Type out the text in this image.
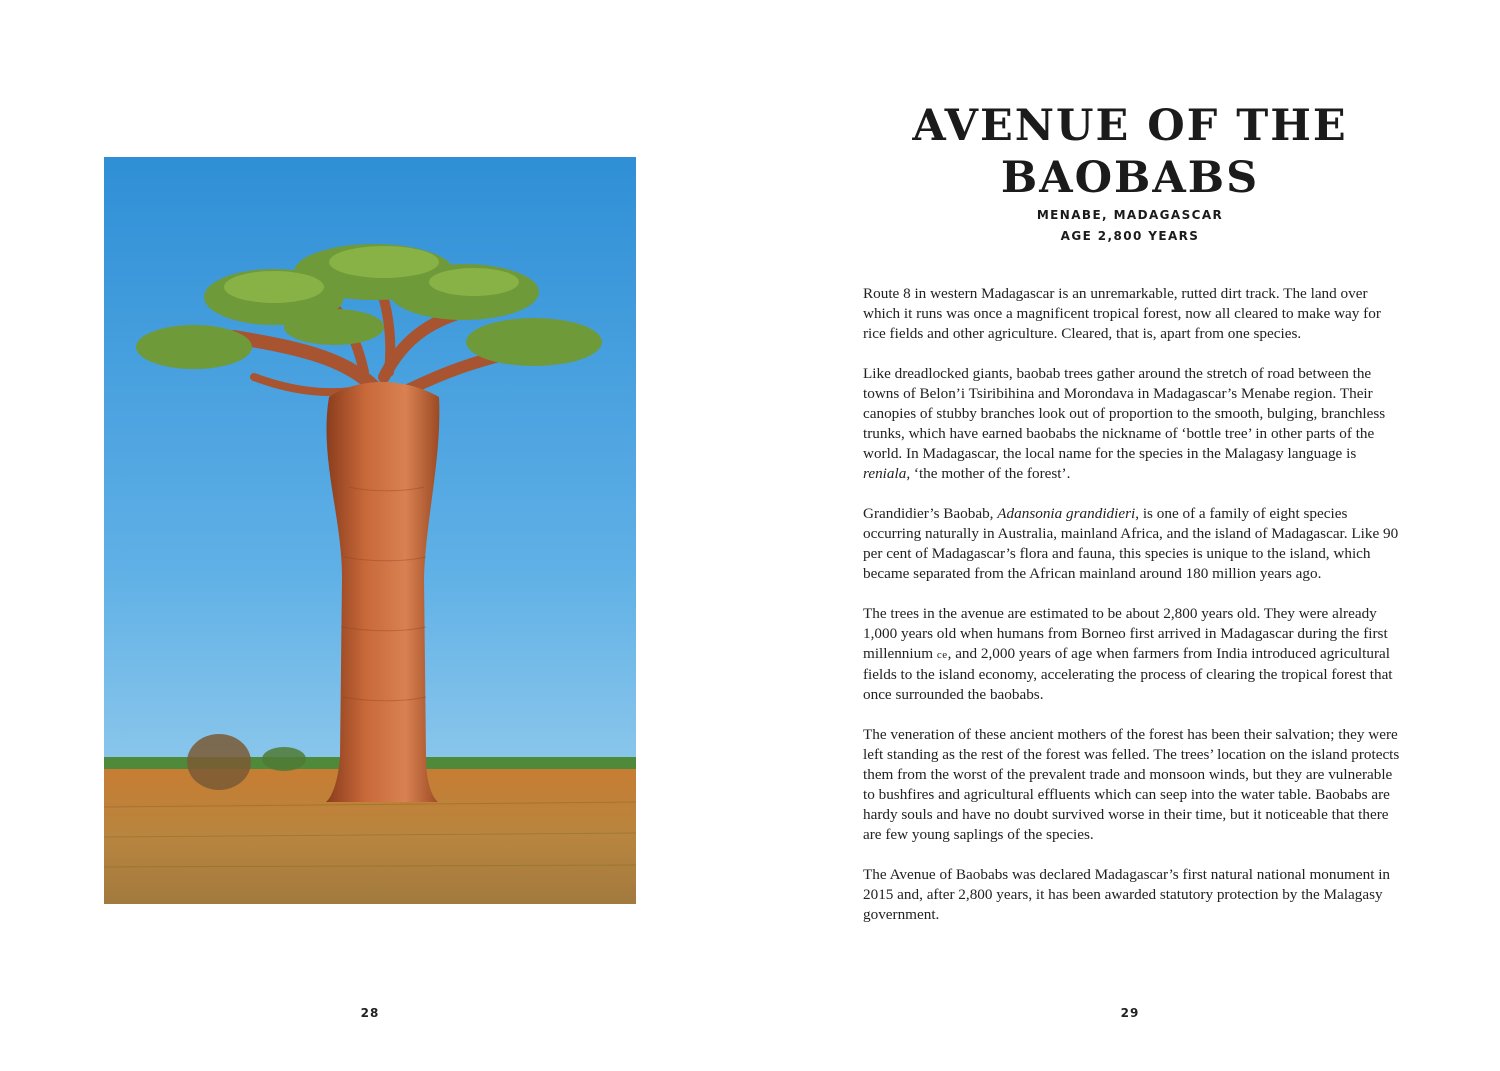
28
AVENUE OF THE
BAOBABS
MENABE, MADAGASCAR
AGE 2,800 YEARS

Route 8 in western Madagascar is an unremarkable, rutted dirt track. The land over which it runs was once a magnificent tropical forest, now all cleared to make way for rice fields and other agriculture. Cleared, that is, apart from one species.

Like dreadlocked giants, baobab trees gather around the stretch of road between the towns of Belon’i Tsiribihina and Morondava in Madagascar’s Menabe region. Their canopies of stubby branches look out of proportion to the smooth, bulging, branchless trunks, which have earned baobabs the nickname of ‘bottle tree’ in other parts of the world. In Madagascar, the local name for the species in the Malagasy language is reniala, ‘the mother of the forest’.

Grandidier’s Baobab, Adansonia grandidieri, is one of a family of eight species occurring naturally in Australia, mainland Africa, and the island of Madagascar. Like 90 per cent of Madagascar’s flora and fauna, this species is unique to the island, which became separated from the African mainland around 180 million years ago.

The trees in the avenue are estimated to be about 2,800 years old. They were already 1,000 years old when humans from Borneo first arrived in Madagascar during the first millennium ce, and 2,000 years of age when farmers from India introduced agricultural fields to the island economy, accelerating the process of clearing the tropical forest that once surrounded the baobabs.

The veneration of these ancient mothers of the forest has been their salvation; they were left standing as the rest of the forest was felled. The trees’ location on the island protects them from the worst of the prevalent trade and monsoon winds, but they are vulnerable to bushfires and agricultural effluents which can seep into the water table. Baobabs are hardy souls and have no doubt survived worse in their time, but it noticeable that there are few young saplings of the species.

The Avenue of Baobabs was declared Madagascar’s first natural national monument in 2015 and, after 2,800 years, it has been awarded statutory protection by the Malagasy government.

29
